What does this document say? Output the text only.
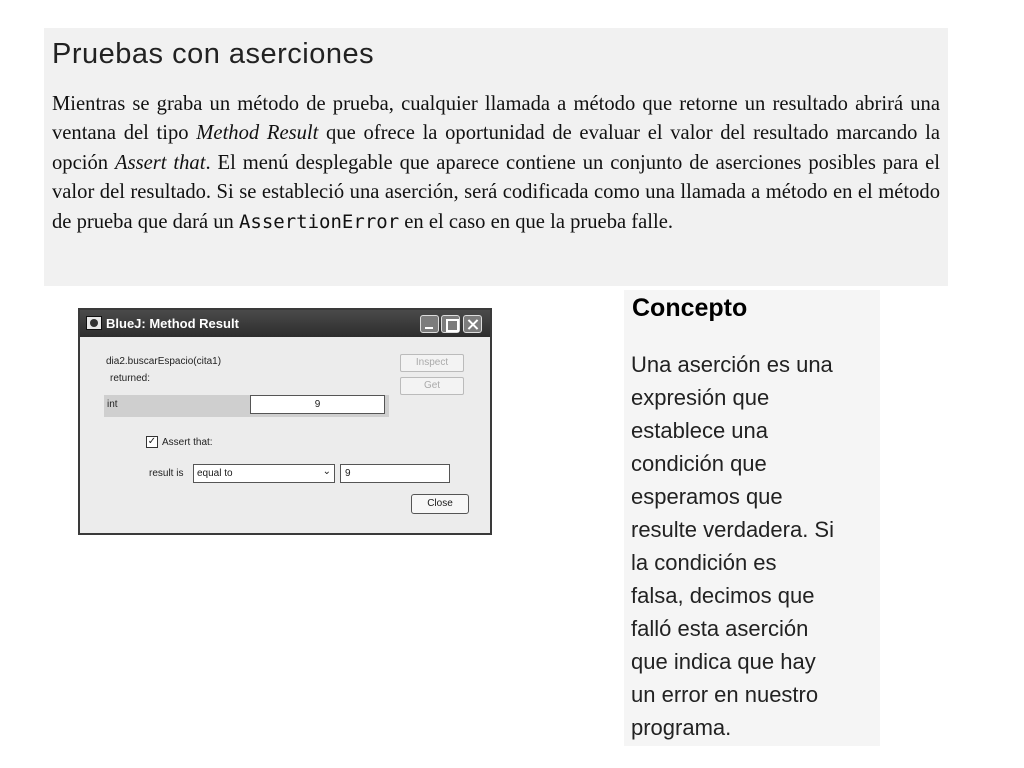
Pruebas con aserciones

Mientras se graba un método de prueba, cualquier llamada a método que retorne un resultado abrirá una ventana del tipo Method Result que ofrece la oportunidad de evaluar el valor del resultado marcando la opción Assert that. El menú desplegable que aparece contiene un conjunto de aserciones posibles para el valor del resultado. Si se estableció una aserción, será codificada como una llamada a método en el método de prueba que dará un AssertionError en el caso en que la prueba falle.

BlueJ: Method Result
dia2.buscarEspacio(cita1)
returned:
int	9
Inspect
Get
✓ Assert that:
result is equal to	⌄	9
Close
Concepto
Una aserción es una
expresión que
establece una
condición que
esperamos que
resulte verdadera. Si
la condición es
falsa, decimos que
falló esta aserción
que indica que hay
un error en nuestro
programa.
